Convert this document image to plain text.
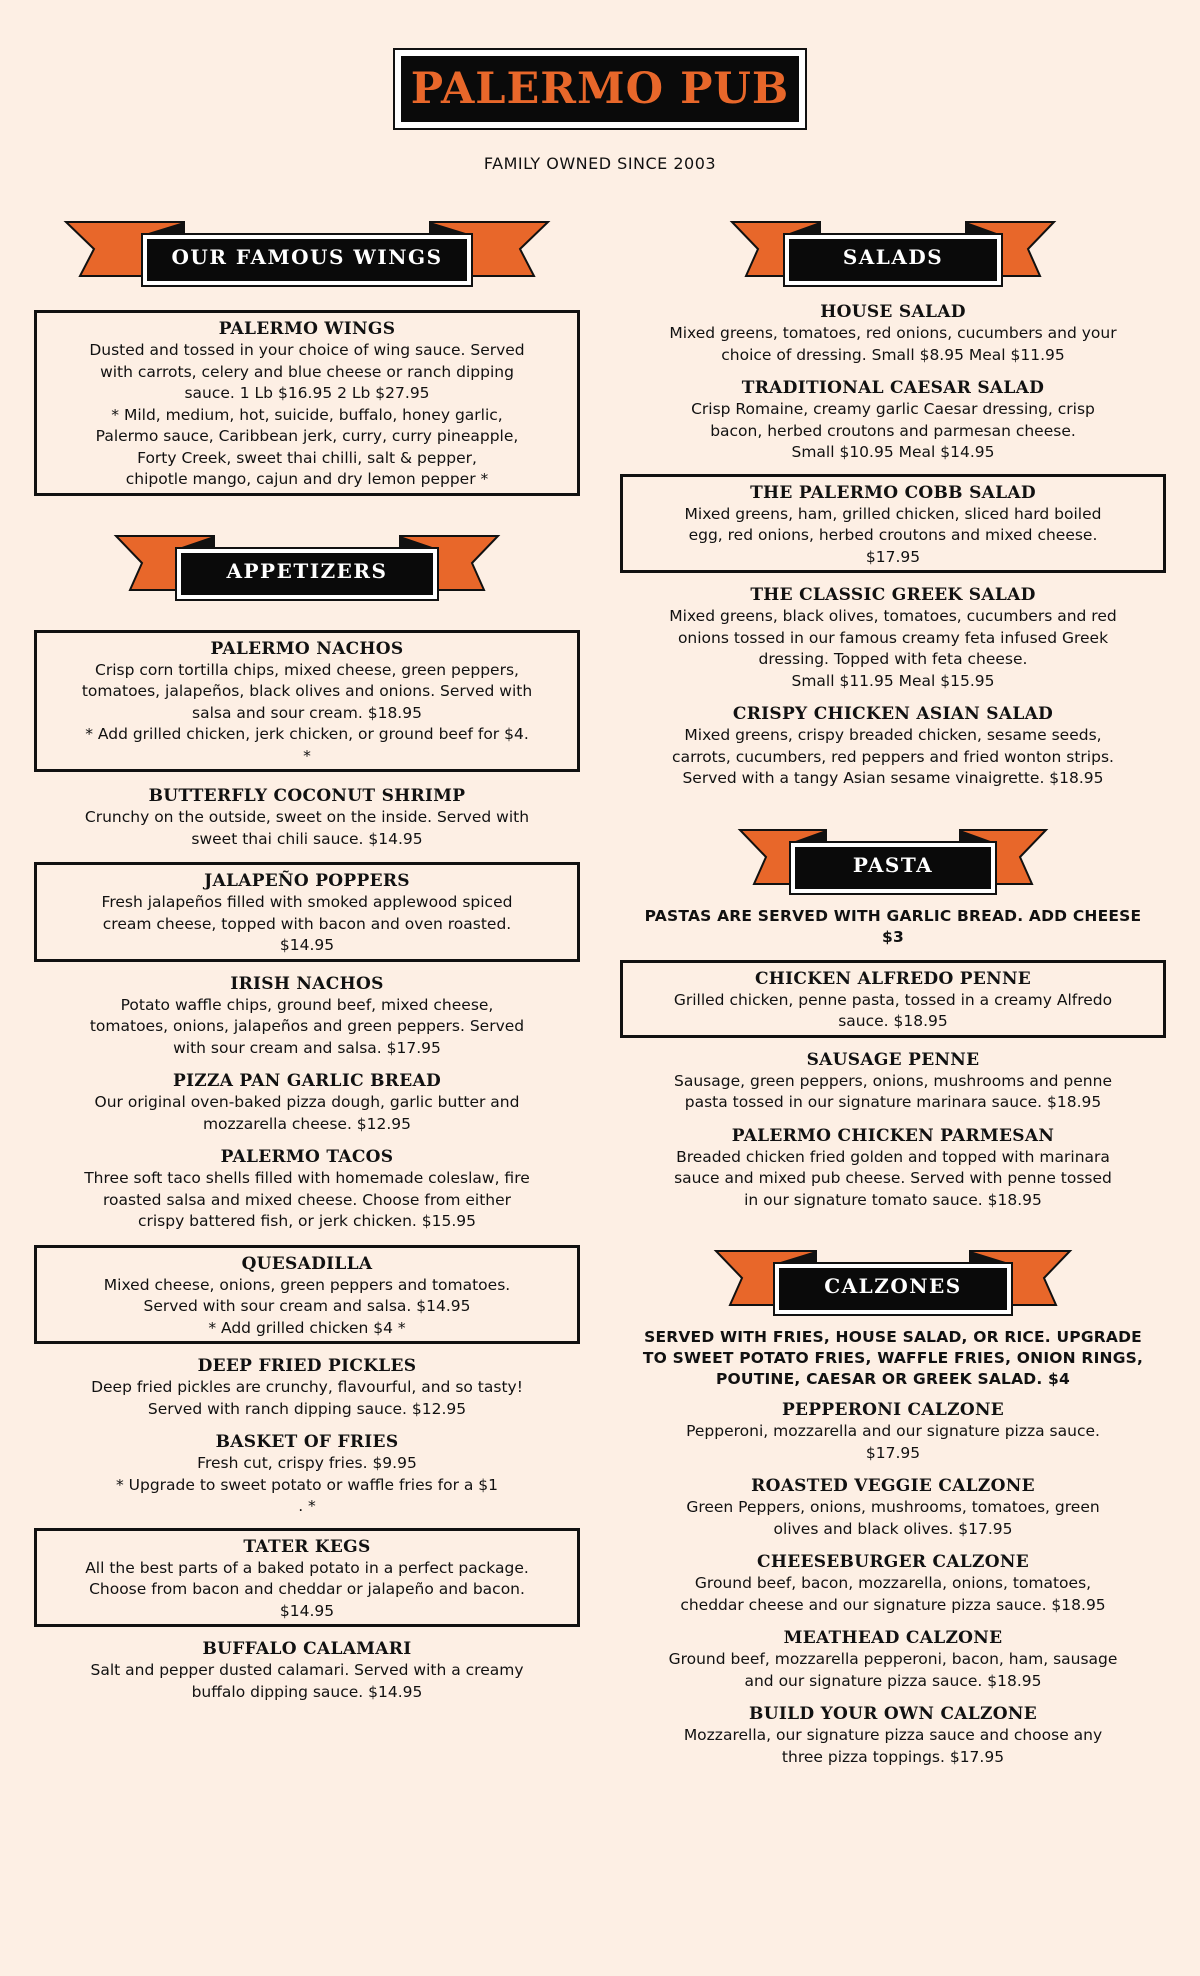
PALERMO PUB
FAMILY OWNED SINCE 2003
OUR FAMOUS WINGS
PALERMO WINGS
Dusted and tossed in your choice of wing sauce. Served
with carrots, celery and blue cheese or ranch dipping
sauce. 1 Lb $16.95 2 Lb $27.95
* Mild, medium, hot, suicide, buffalo, honey garlic,
Palermo sauce, Caribbean jerk, curry, curry pineapple,
Forty Creek, sweet thai chilli, salt & pepper,
chipotle mango, cajun and dry lemon pepper *
APPETIZERS
PALERMO NACHOS
Crisp corn tortilla chips, mixed cheese, green peppers,
tomatoes, jalapeños, black olives and onions. Served with
salsa and sour cream. $18.95
* Add grilled chicken, jerk chicken, or ground beef for $4.
*
BUTTERFLY COCONUT SHRIMP
Crunchy on the outside, sweet on the inside. Served with
sweet thai chili sauce. $14.95
JALAPEÑO POPPERS
Fresh jalapeños filled with smoked applewood spiced
cream cheese, topped with bacon and oven roasted.
$14.95
IRISH NACHOS
Potato waffle chips, ground beef, mixed cheese,
tomatoes, onions, jalapeños and green peppers. Served
with sour cream and salsa. $17.95
PIZZA PAN GARLIC BREAD
Our original oven-baked pizza dough, garlic butter and
mozzarella cheese. $12.95
PALERMO TACOS
Three soft taco shells filled with homemade coleslaw, fire
roasted salsa and mixed cheese. Choose from either
crispy battered fish, or jerk chicken. $15.95
QUESADILLA
Mixed cheese, onions, green peppers and tomatoes.
Served with sour cream and salsa. $14.95
* Add grilled chicken $4 *
DEEP FRIED PICKLES
Deep fried pickles are crunchy, flavourful, and so tasty!
Served with ranch dipping sauce. $12.95
BASKET OF FRIES
Fresh cut, crispy fries. $9.95
* Upgrade to sweet potato or waffle fries for a $1
. *
TATER KEGS
All the best parts of a baked potato in a perfect package.
Choose from bacon and cheddar or jalapeño and bacon.
$14.95
BUFFALO CALAMARI
Salt and pepper dusted calamari. Served with a creamy
buffalo dipping sauce. $14.95
SALADS
HOUSE SALAD
Mixed greens, tomatoes, red onions, cucumbers and your
choice of dressing. Small $8.95 Meal $11.95
TRADITIONAL CAESAR SALAD
Crisp Romaine, creamy garlic Caesar dressing, crisp
bacon, herbed croutons and parmesan cheese.
Small $10.95 Meal $14.95
THE PALERMO COBB SALAD
Mixed greens, ham, grilled chicken, sliced hard boiled
egg, red onions, herbed croutons and mixed cheese.
$17.95
THE CLASSIC GREEK SALAD
Mixed greens, black olives, tomatoes, cucumbers and red
onions tossed in our famous creamy feta infused Greek
dressing. Topped with feta cheese.
Small $11.95 Meal $15.95
CRISPY CHICKEN ASIAN SALAD
Mixed greens, crispy breaded chicken, sesame seeds,
carrots, cucumbers, red peppers and fried wonton strips.
Served with a tangy Asian sesame vinaigrette. $18.95
PASTA
PASTAS ARE SERVED WITH GARLIC BREAD. ADD CHEESE
$3
CHICKEN ALFREDO PENNE
Grilled chicken, penne pasta, tossed in a creamy Alfredo
sauce. $18.95
SAUSAGE PENNE
Sausage, green peppers, onions, mushrooms and penne
pasta tossed in our signature marinara sauce. $18.95
PALERMO CHICKEN PARMESAN
Breaded chicken fried golden and topped with marinara
sauce and mixed pub cheese. Served with penne tossed
in our signature tomato sauce. $18.95
CALZONES
SERVED WITH FRIES, HOUSE SALAD, OR RICE. UPGRADE
TO SWEET POTATO FRIES, WAFFLE FRIES, ONION RINGS,
POUTINE, CAESAR OR GREEK SALAD. $4
PEPPERONI CALZONE
Pepperoni, mozzarella and our signature pizza sauce.
$17.95
ROASTED VEGGIE CALZONE
Green Peppers, onions, mushrooms, tomatoes, green
olives and black olives. $17.95
CHEESEBURGER CALZONE
Ground beef, bacon, mozzarella, onions, tomatoes,
cheddar cheese and our signature pizza sauce. $18.95
MEATHEAD CALZONE
Ground beef, mozzarella pepperoni, bacon, ham, sausage
and our signature pizza sauce. $18.95
BUILD YOUR OWN CALZONE
Mozzarella, our signature pizza sauce and choose any
three pizza toppings. $17.95
